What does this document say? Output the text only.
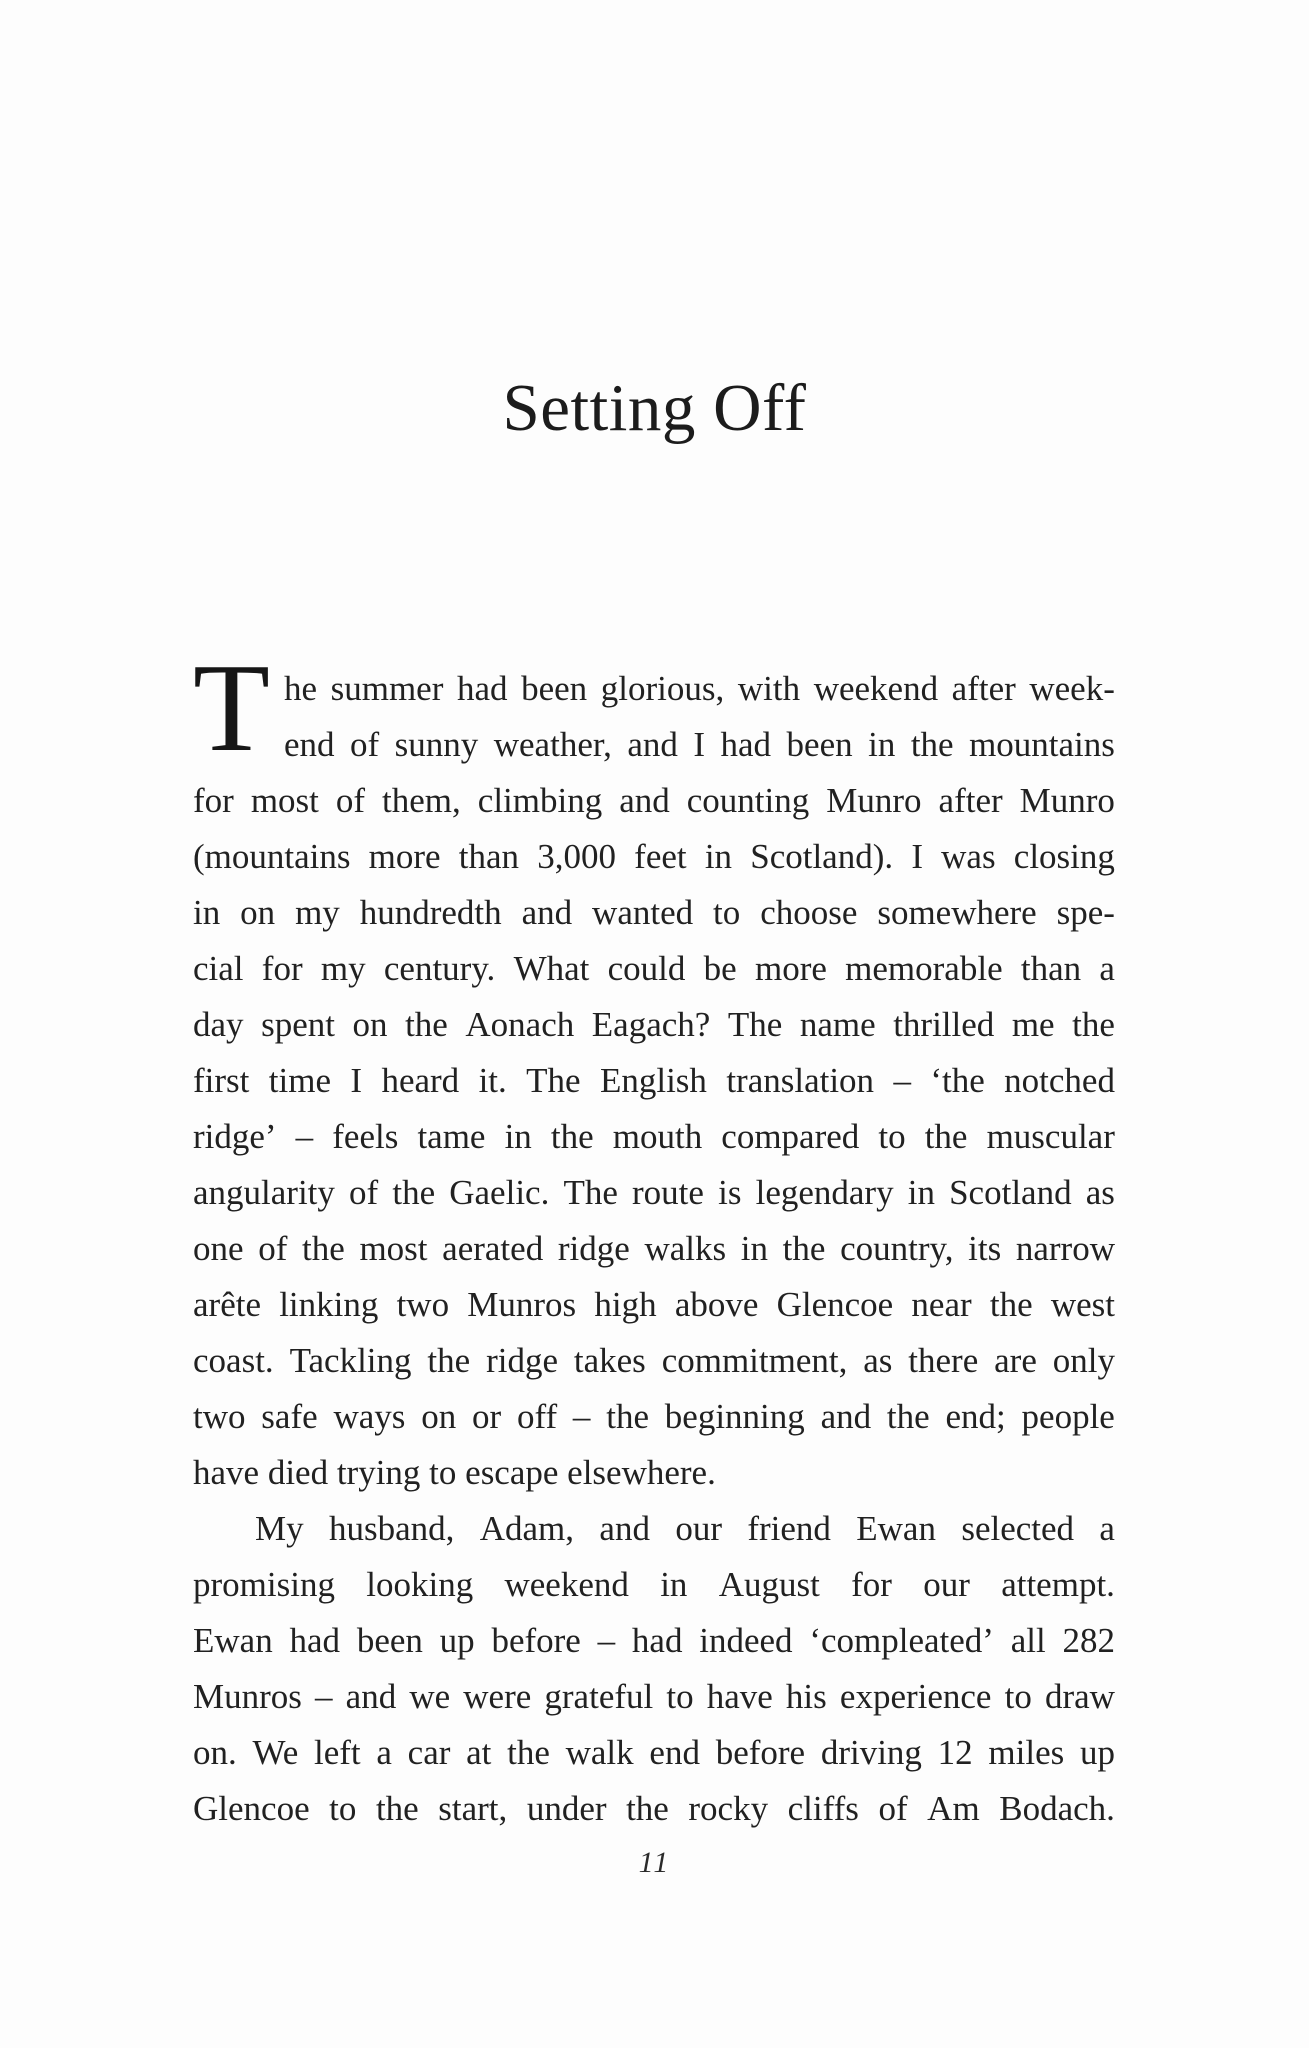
Setting Off
T he summer had been glorious, with weekend after week-
end of sunny weather, and I had been in the mountains
for most of them, climbing and counting Munro after Munro
(mountains more than 3,000 feet in Scotland). I was closing
in on my hundredth and wanted to choose somewhere spe-
cial for my century. What could be more memorable than a
day spent on the Aonach Eagach? The name thrilled me the
first time I heard it. The English translation – ‘the notched
ridge’ – feels tame in the mouth compared to the muscular
angularity of the Gaelic. The route is legendary in Scotland as
one of the most aerated ridge walks in the country, its narrow
arête linking two Munros high above Glencoe near the west
coast. Tackling the ridge takes commitment, as there are only
two safe ways on or off – the beginning and the end; people
have died trying to escape elsewhere.
My husband, Adam, and our friend Ewan selected a
promising looking weekend in August for our attempt.
Ewan had been up before – had indeed ‘compleated’ all 282
Munros – and we were grateful to have his experience to draw
on. We left a car at the walk end before driving 12 miles up
Glencoe to the start, under the rocky cliffs of Am Bodach.
11
